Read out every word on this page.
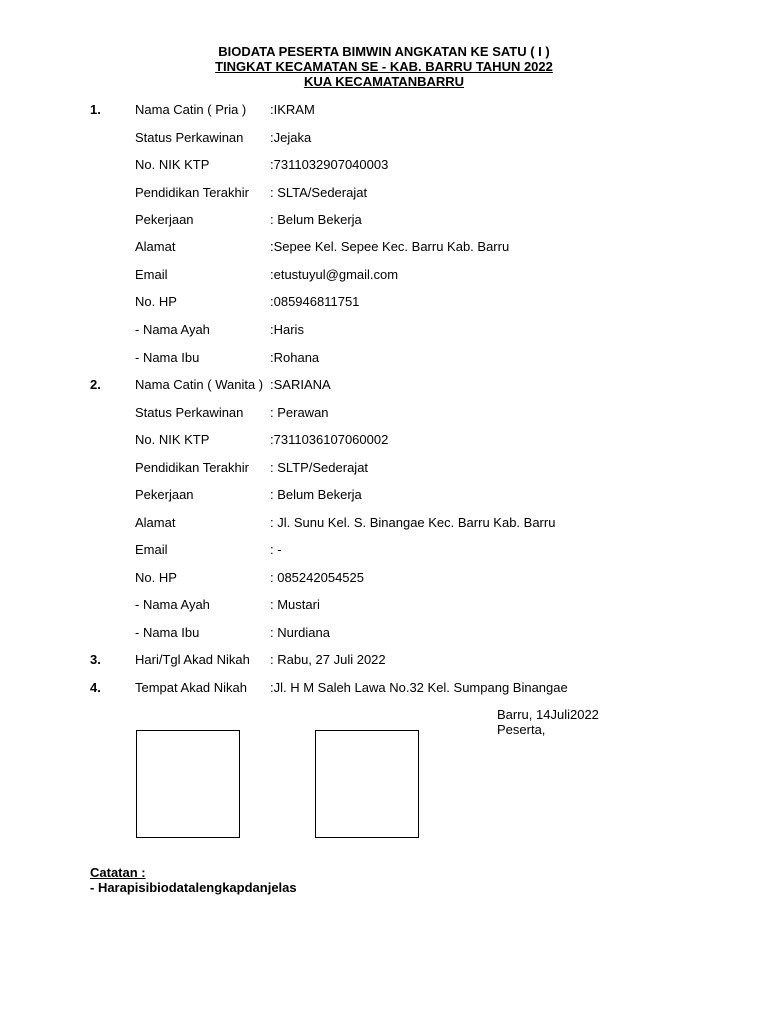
BIODATA PESERTA BIMWIN ANGKATAN KE SATU ( I )
TINGKAT KECAMATAN SE - KAB. BARRU TAHUN 2022
KUA KECAMATANBARRU
1.	Nama Catin ( Pria ) :IKRAM
Status Perkawinan :Jejaka
No. NIK KTP	:7311032907040003
Pendidikan Terakhir : SLTA/Sederajat
Pekerjaan	: Belum Bekerja
Alamat	:Sepee Kel. Sepee Kec. Barru Kab. Barru
Email	:etustuyul@gmail.com
No. HP	:085946811751
- Nama Ayah	:Haris
- Nama Ibu	:Rohana
2.	Nama Catin ( Wanita ) :SARIANA
Status Perkawinan : Perawan
No. NIK KTP	:7311036107060002
Pendidikan Terakhir : SLTP/Sederajat
Pekerjaan	: Belum Bekerja
Alamat	: Jl. Sunu Kel. S. Binangae Kec. Barru Kab. Barru
Email	: -
No. HP	: 085242054525
- Nama Ayah	: Mustari
- Nama Ibu	: Nurdiana
3.	Hari/Tgl Akad Nikah : Rabu, 27 Juli 2022
4.	Tempat Akad Nikah :Jl. H M Saleh Lawa No.32 Kel. Sumpang Binangae
Barru, 14Juli2022
Peserta,
Catatan :
- Harapisibiodatalengkapdanjelas
